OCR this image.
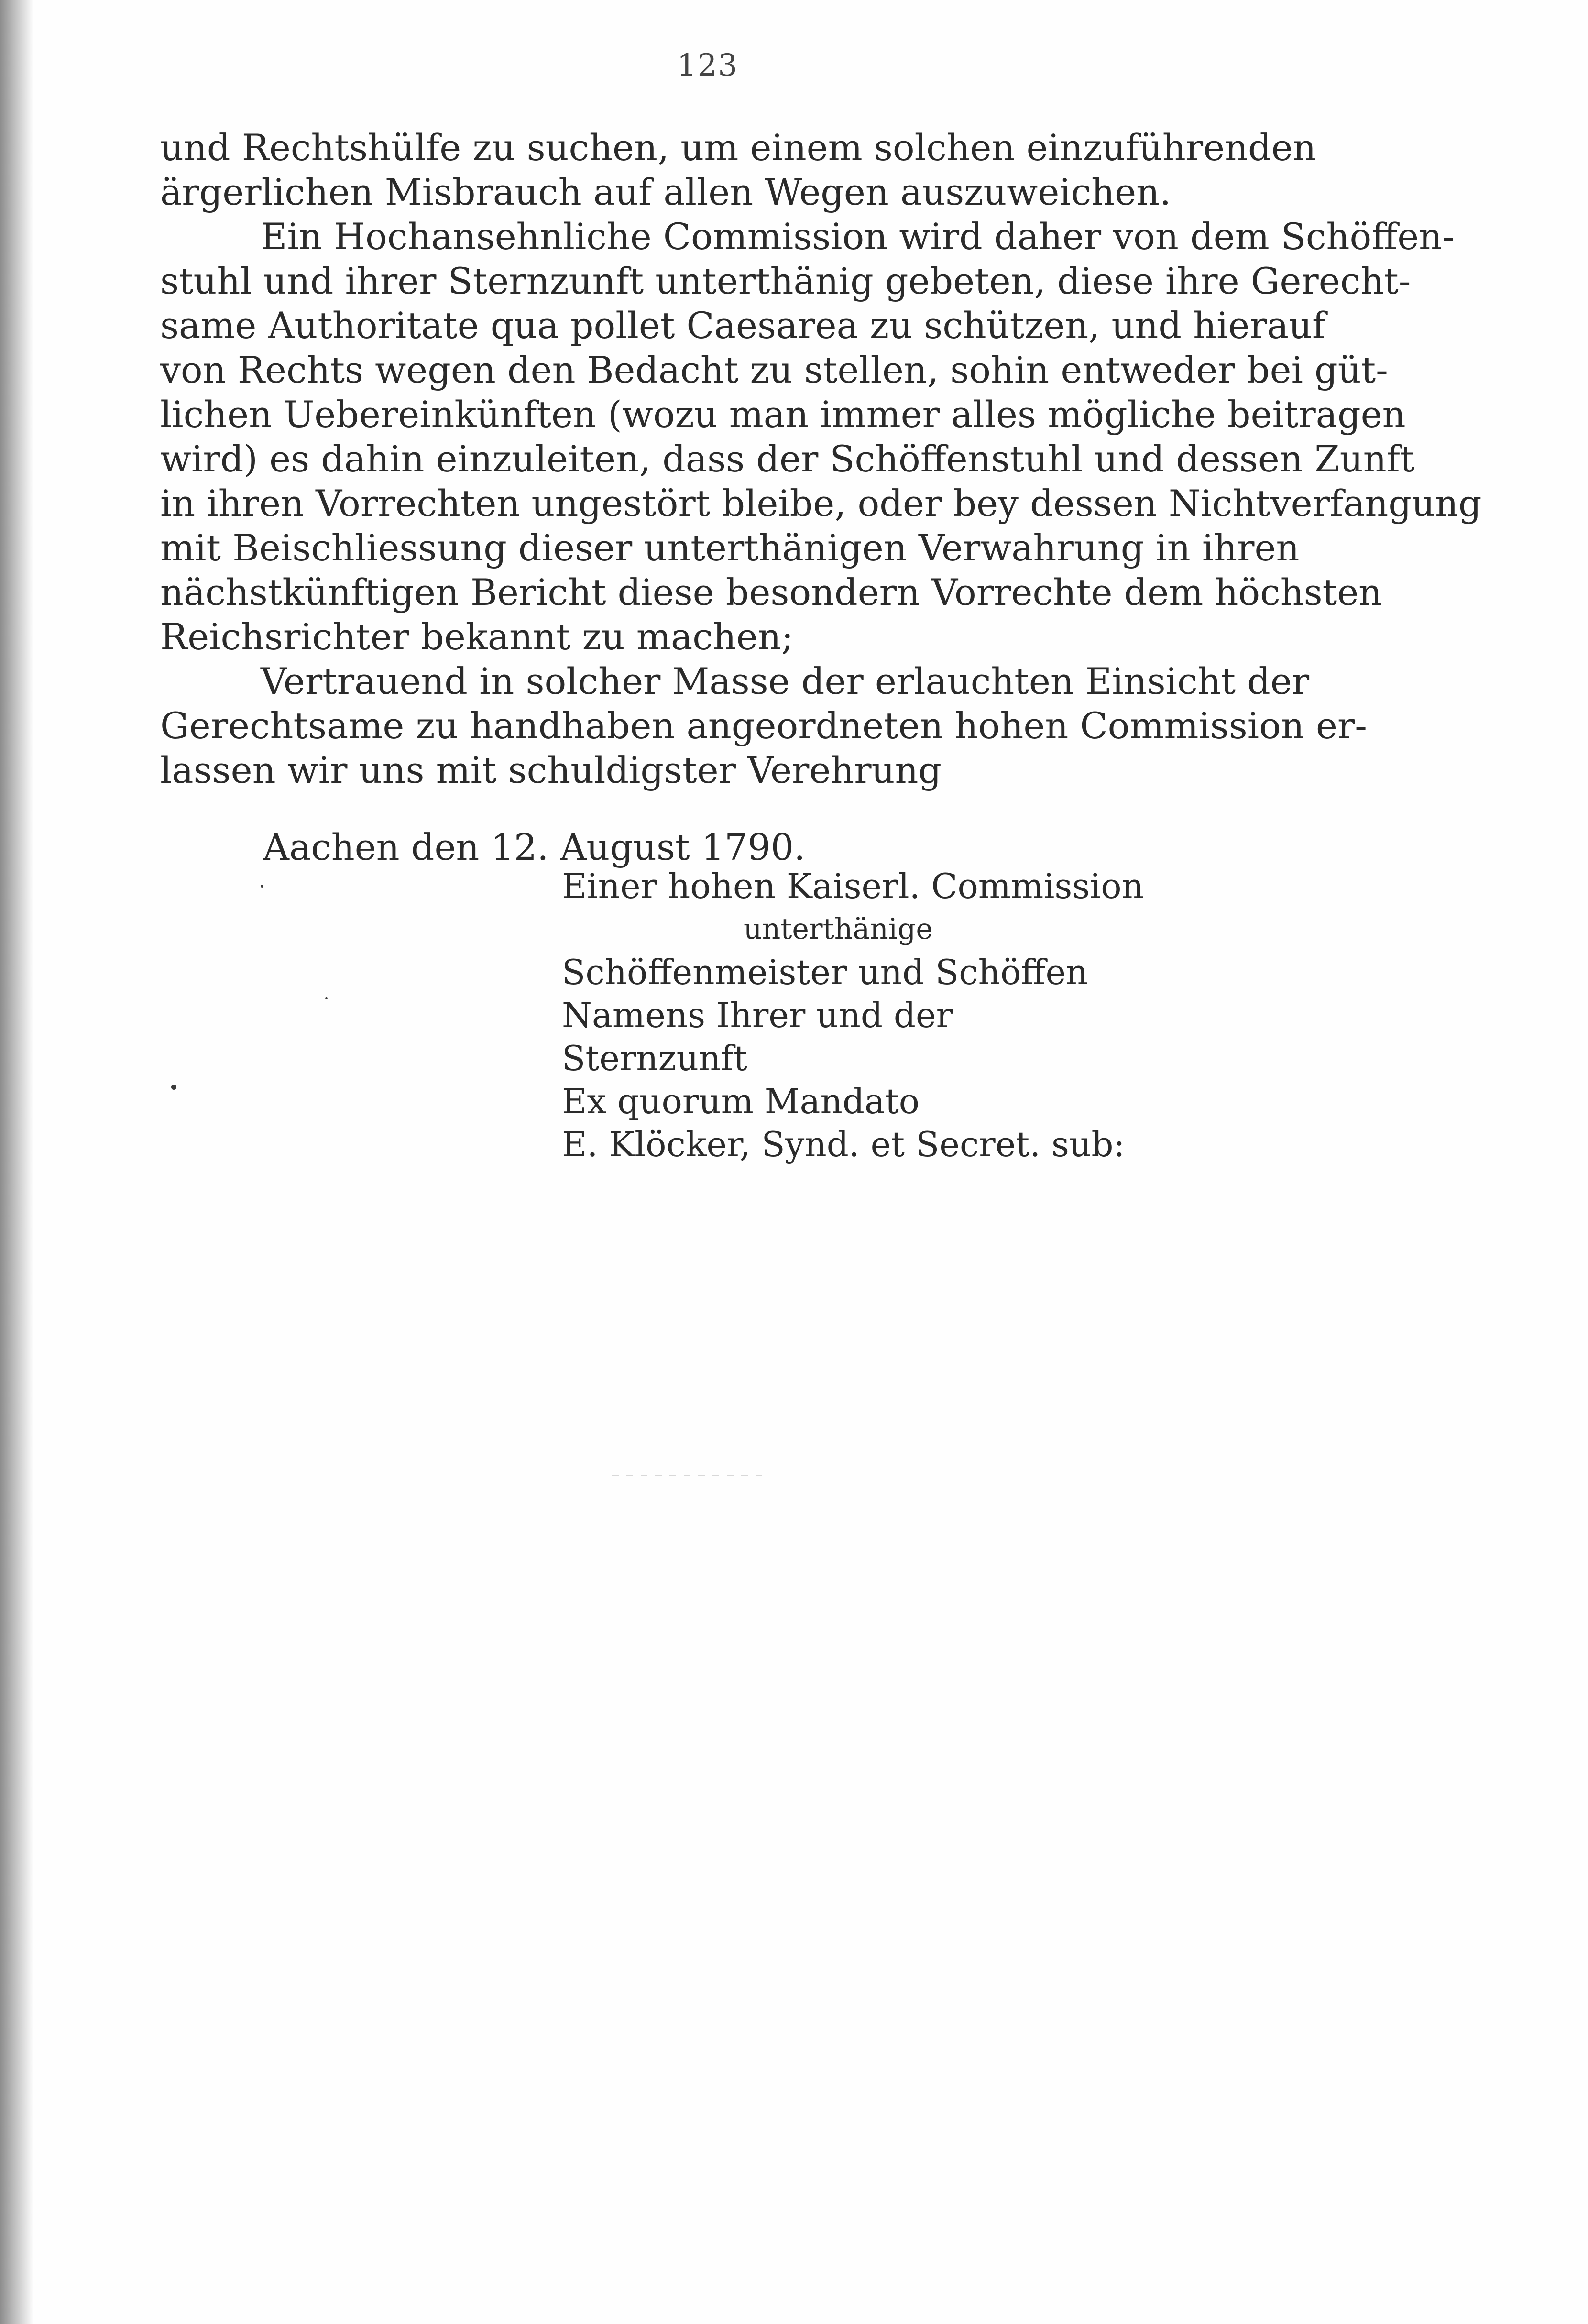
123
und Rechtshülfe zu suchen, um einem solchen einzuführenden
ärgerlichen Misbrauch auf allen Wegen auszuweichen.
Ein Hochansehnliche Commission wird daher von dem Schöffen-
stuhl und ihrer Sternzunft unterthänig gebeten, diese ihre Gerecht-
same Authoritate qua pollet Caesarea zu schützen, und hierauf
von Rechts wegen den Bedacht zu stellen, sohin entweder bei güt-
lichen Uebereinkünften (wozu man immer alles mögliche beitragen
wird) es dahin einzuleiten, dass der Schöffenstuhl und dessen Zunft
in ihren Vorrechten ungestört bleibe, oder bey dessen Nichtverfangung
mit Beischliessung dieser unterthänigen Verwahrung in ihren
nächstkünftigen Bericht diese besondern Vorrechte dem höchsten
Reichsrichter bekannt zu machen;
Vertrauend in solcher Masse der erlauchten Einsicht der
Gerechtsame zu handhaben angeordneten hohen Commission er-
lassen wir uns mit schuldigster Verehrung
Aachen den 12. August 1790.
Einer hohen Kaiserl. Commission
unterthänige
Schöffenmeister und Schöffen
Namens Ihrer und der
Sternzunft
Ex quorum Mandato
E. Klöcker, Synd. et Secret. sub:
